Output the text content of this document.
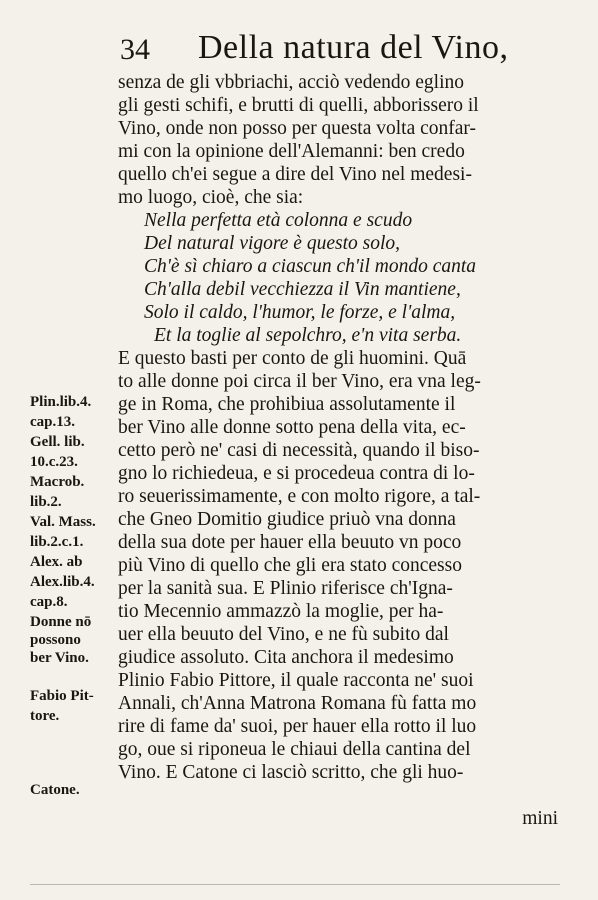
34 Della natura del Vino,
senza de gli vbbriachi, acciò vedendo eglino
gli gesti schifi, e brutti di quelli, abborissero il
Vino, onde non posso per questa volta confar-
mi con la opinione dell'Alemanni: ben credo
quello ch'ei segue a dire del Vino nel medesi-
mo luogo, cioè, che sia:
Nella perfetta età colonna e scudo
Del natural vigore è questo solo,
Ch'è sì chiaro a ciascun ch'il mondo canta
Ch'alla debil vecchiezza il Vin mantiene,
Solo il caldo, l'humor, le forze, e l'alma,
Et la toglie al sepolchro, e'n vita serba.
E questo basti per conto de gli huomini. Quā
to alle donne poi circa il ber Vino, era vna leg-
ge in Roma, che prohibiua assolutamente il
ber Vino alle donne sotto pena della vita, ec-
cetto però ne' casi di necessità, quando il biso-
gno lo richiedeua, e si procedeua contra di lo-
ro seuerissimamente, e con molto rigore, a tal-
che Gneo Domitio giudice priuò vna donna
della sua dote per hauer ella beuuto vn poco
più Vino di quello che gli era stato concesso
per la sanità sua. E Plinio riferisce ch'Igna-
tio Mecennio ammazzò la moglie, per ha-
uer ella beuuto del Vino, e ne fù subito dal
giudice assoluto. Cita anchora il medesimo
Plinio Fabio Pittore, il quale racconta ne' suoi
Annali, ch'Anna Matrona Romana fù fatta mo
rire di fame da' suoi, per hauer ella rotto il luo
go, oue si riponeua le chiaui della cantina del
Vino. E Catone ci lasciò scritto, che gli huo-
Plin.lib.4.
cap.13.
Gell. lib.
10.c.23.
Macrob.
lib.2.
Val. Mass.
lib.2.c.1.
Alex. ab
Alex.lib.4.
cap.8.
Donne nō
possono
ber Vino.
Fabio Pit-
tore.
Catone.
mini
